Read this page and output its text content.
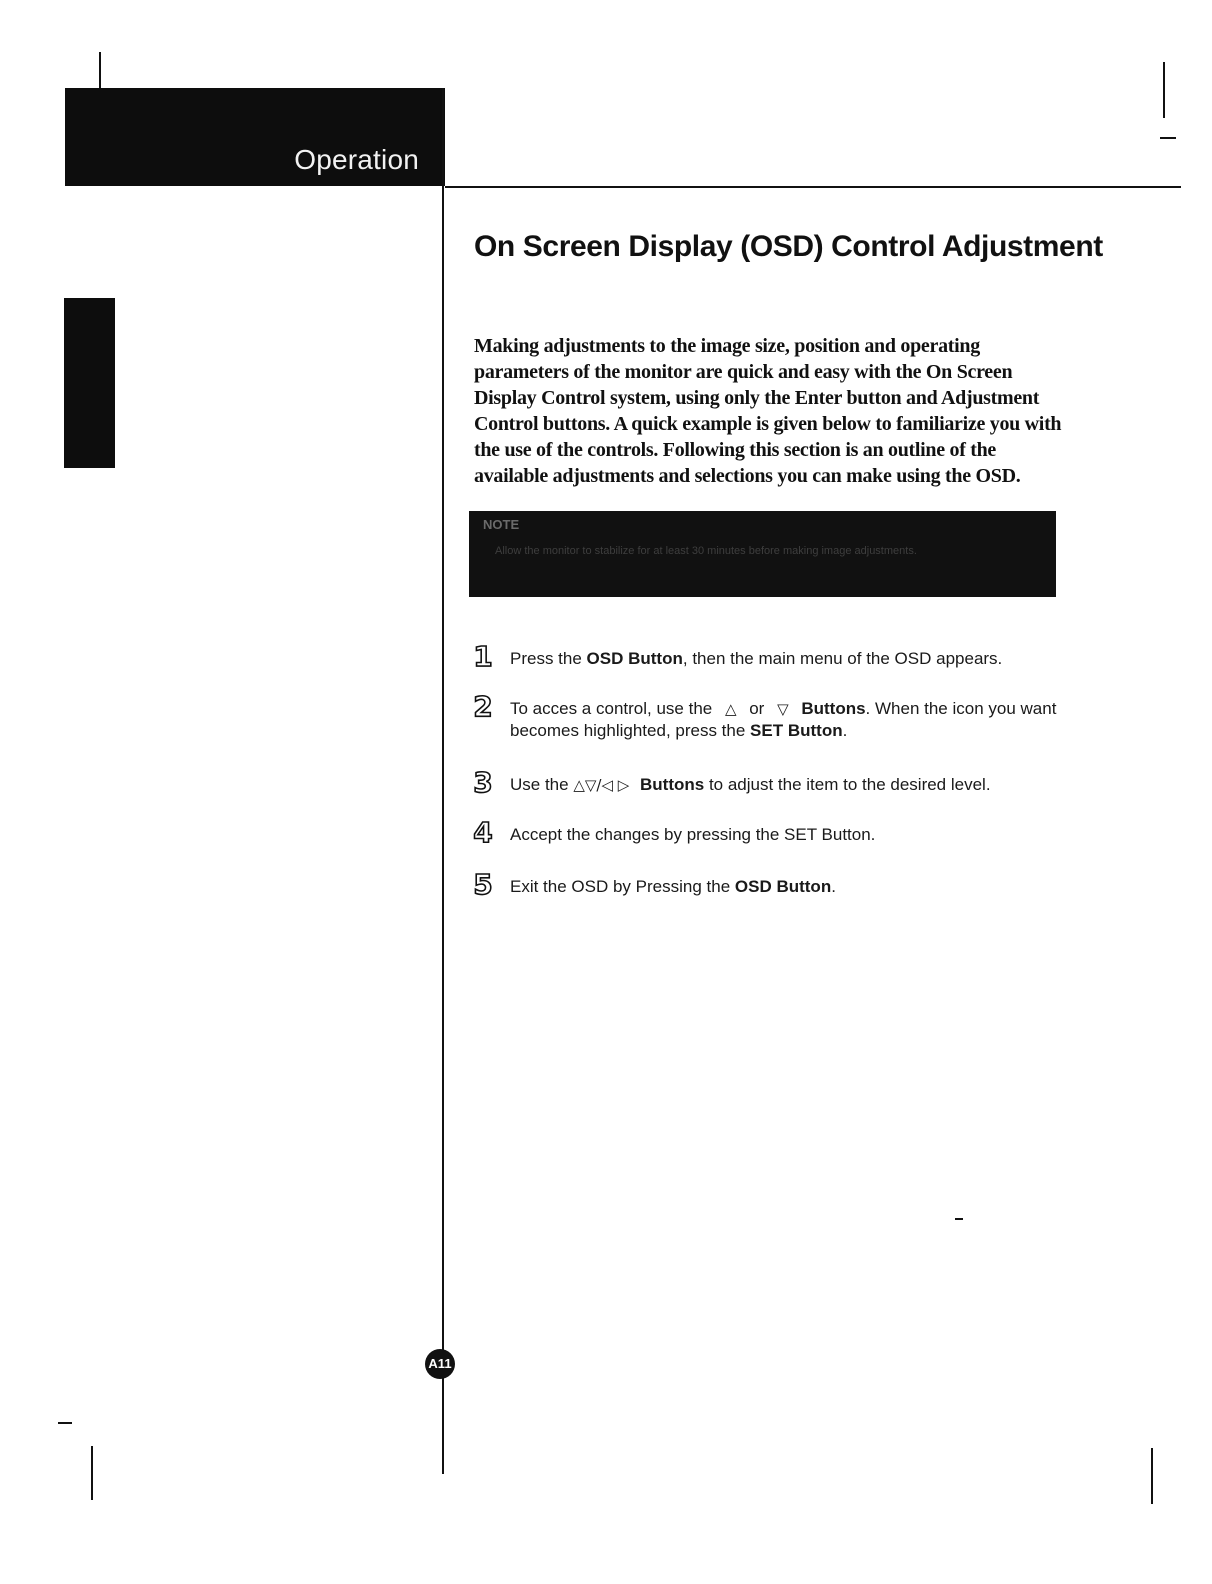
Operation
On Screen Display (OSD) Control Adjustment

Making adjustments to the image size, position and operating parameters of the monitor are quick and easy with the On Screen Display Control system, using only the Enter button and Adjustment Control buttons. A quick example is given below to familiarize you with the use of the controls. Following this section is an outline of the available adjustments and selections you can make using the OSD.

NOTE
Allow the monitor to stabilize for at least 30 minutes before making image adjustments.
1	Press the OSD Button, then the main menu of the OSD appears.
2	To acces a control, use the △ or ▽ Buttons. When the icon you want becomes highlighted, press the SET Button.
3	Use the △▽/◁ ▷ Buttons to adjust the item to the desired level.
4	Accept the changes by pressing the SET Button.
5	Exit the OSD by Pressing the OSD Button.
A11
